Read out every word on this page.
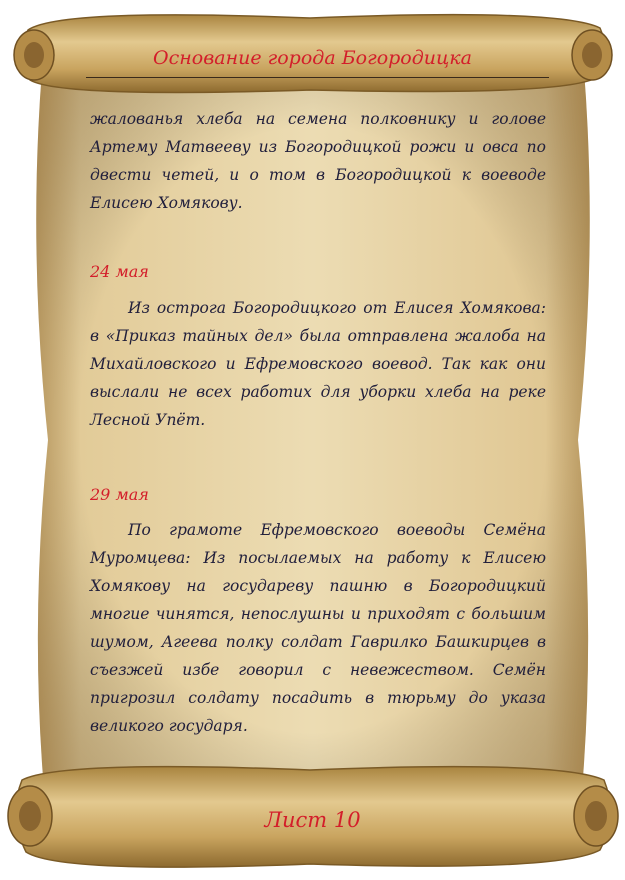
Основание города Богородицка
жалованья хлеба на семена полковнику и голове Артему Матвееву из Богородицкой рожи и овса по двести четей, и о том в Богородицкой к воеводе Елисею Хомякову.
24 мая
Из острога Богородицкого от Елисея Хомякова: в «Приказ тайных дел» была отправлена жалоба на Михайловского и Ефремовского воевод. Так как они выслали не всех работих для уборки хлеба на реке Лесной Упёт.
29 мая
По грамоте Ефремовского воеводы Семёна Муромцева: Из посылаемых на работу к Елисею Хомякову на государеву пашню в Богородицкий многие чинятся, непослушны и приходят с большим шумом, Агеева полку солдат Гаврилко Башкирцев в съезжей избе говорил с невежеством. Семён пригрозил солдату посадить в тюрьму до указа великого государя.
Лист 10
